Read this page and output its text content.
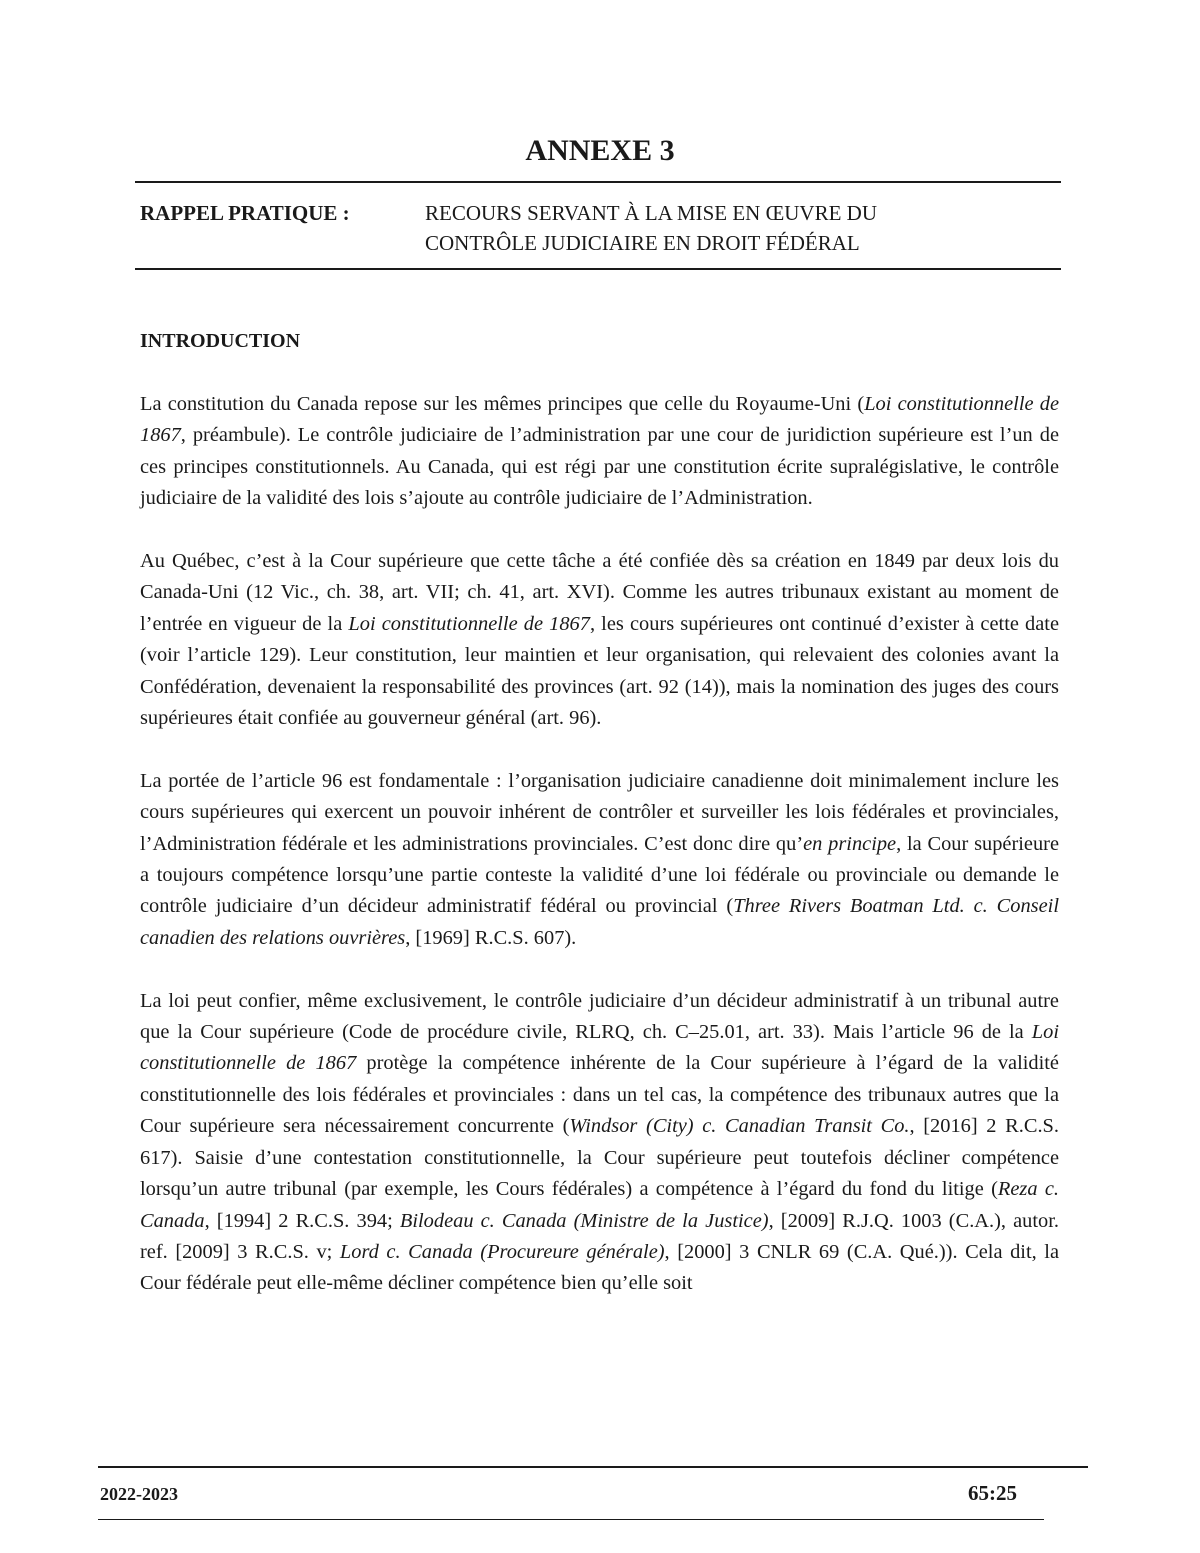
ANNEXE 3
RAPPEL PRATIQUE :	RECOURS SERVANT À LA MISE EN ŒUVRE DU
CONTRÔLE JUDICIAIRE EN DROIT FÉDÉRAL
INTRODUCTION

La constitution du Canada repose sur les mêmes principes que celle du Royaume-Uni (Loi constitutionnelle de 1867, préambule). Le contrôle judiciaire de l’administration par une cour de juridiction supérieure est l’un de ces principes constitutionnels. Au Canada, qui est régi par une constitution écrite supralégislative, le contrôle judiciaire de la validité des lois s’ajoute au contrôle judiciaire de l’Administration.

Au Québec, c’est à la Cour supérieure que cette tâche a été confiée dès sa création en 1849 par deux lois du Canada-Uni (12 Vic., ch. 38, art. VII; ch. 41, art. XVI). Comme les autres tribunaux existant au moment de l’entrée en vigueur de la Loi constitutionnelle de 1867, les cours supérieures ont continué d’exister à cette date (voir l’article 129). Leur constitution, leur maintien et leur organisation, qui relevaient des colonies avant la Confédération, devenaient la responsabilité des provinces (art. 92 (14)), mais la nomination des juges des cours supérieures était confiée au gouverneur général (art. 96).

La portée de l’article 96 est fondamentale : l’organisation judiciaire canadienne doit minimalement inclure les cours supérieures qui exercent un pouvoir inhérent de contrôler et surveiller les lois fédérales et provinciales, l’Administration fédérale et les administrations provinciales. C’est donc dire qu’en principe, la Cour supérieure a toujours compétence lorsqu’une partie conteste la validité d’une loi fédérale ou provinciale ou demande le contrôle judiciaire d’un décideur administratif fédéral ou provincial (Three Rivers Boatman Ltd. c. Conseil canadien des relations ouvrières, [1969] R.C.S. 607).

La loi peut confier, même exclusivement, le contrôle judiciaire d’un décideur administratif à un tribunal autre que la Cour supérieure (Code de procédure civile, RLRQ, ch. C–25.01, art. 33). Mais l’article 96 de la Loi constitutionnelle de 1867 protège la compétence inhérente de la Cour supérieure à l’égard de la validité constitutionnelle des lois fédérales et provinciales : dans un tel cas, la compétence des tribunaux autres que la Cour supérieure sera nécessairement concurrente (Windsor (City) c. Canadian Transit Co., [2016] 2 R.C.S. 617). Saisie d’une contestation constitutionnelle, la Cour supérieure peut toutefois décliner compétence lorsqu’un autre tribunal (par exemple, les Cours fédérales) a compétence à l’égard du fond du litige (Reza c. Canada, [1994] 2 R.C.S. 394; Bilodeau c. Canada (Ministre de la Justice), [2009] R.J.Q. 1003 (C.A.), autor. ref. [2009] 3 R.C.S. v; Lord c. Canada (Procureure générale), [2000] 3 CNLR 69 (C.A. Qué.)). Cela dit, la Cour fédérale peut elle-même décliner compétence bien qu’elle soit

2022-2023	65:25
